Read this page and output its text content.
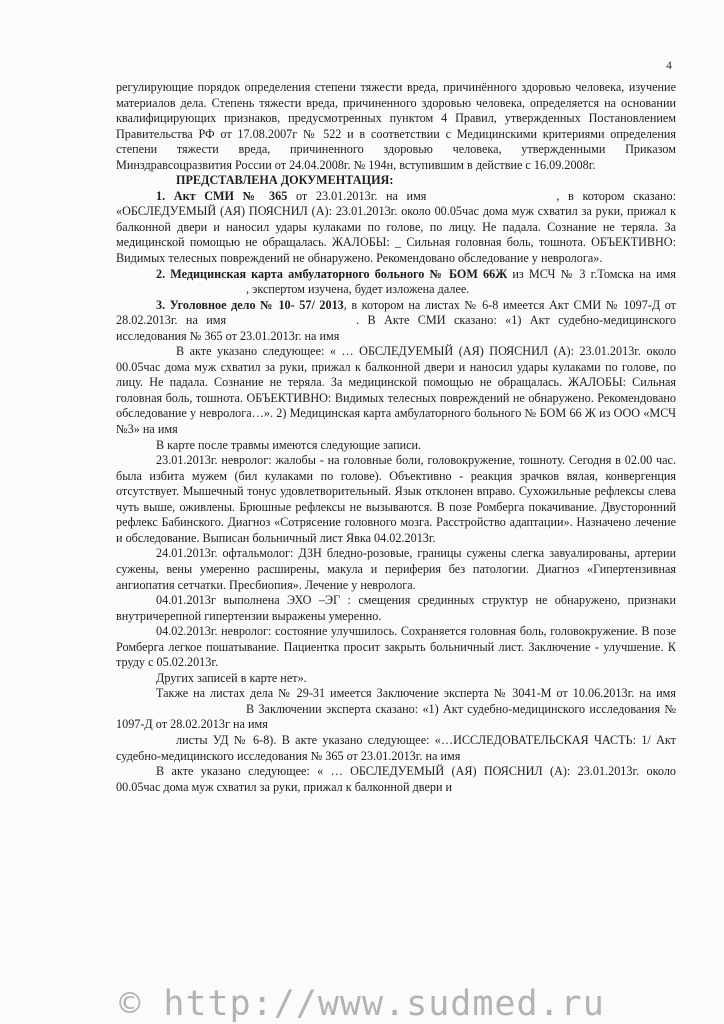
4

регулирующие порядок определения степени тяжести вреда, причинённого здоровью человека, изучение материалов дела. Степень тяжести вреда, причиненного здоровью человека, определяется на основании квалифицирующих признаков, предусмотренных пунктом 4 Правил, утвержденных Постановлением Правительства РФ от 17.08.2007г № 522 и в соответствии с Медицинскими критериями определения степени тяжести вреда, причиненного здоровью человека, утвержденными Приказом Минздравсоцразвития России от 24.04.2008г. № 194н, вступившим в действие с 16.09.2008г.

ПРЕДСТАВЛЕНА ДОКУМЕНТАЦИЯ:

1. Акт СМИ № 365 от 23.01.2013г. на имя	, в котором сказано: «ОБСЛЕДУЕМЫЙ (АЯ) ПОЯСНИЛ (А): 23.01.2013г. около 00.05час дома муж схватил за руки, прижал к балконной двери и наносил удары кулаками по голове, по лицу. Не падала. Сознание не теряла. За медицинской помощью не обращалась. ЖАЛОБЫ: _ Сильная головная боль, тошнота. ОБЪЕКТИВНО: Видимых телесных повреждений не обнаружено. Рекомендовано обследование у невролога».

2. Медицинская карта амбулаторного больного № БОМ 66Ж из МСЧ № 3 г.Томска на имя, экспертом изучена, будет изложена далее.

3. Уголовное дело № 10- 57/ 2013, в котором на листах № 6-8 имеется Акт СМИ № 1097-Д от 28.02.2013г. на имя	. В Акте СМИ сказано: «1) Акт судебно-медицинского исследования № 365 от 23.01.2013г. на имя

В акте указано следующее: « … ОБСЛЕДУЕМЫЙ (АЯ) ПОЯСНИЛ (А): 23.01.2013г. около 00.05час дома муж схватил за руки, прижал к балконной двери и наносил удары кулаками по голове, по лицу. Не падала. Сознание не теряла. За медицинской помощью не обращалась. ЖАЛОБЫ: Сильная головная боль, тошнота. ОБЪЕКТИВНО: Видимых телесных повреждений не обнаружено. Рекомендовано обследование у невролога…». 2) Медицинская карта амбулаторного больного № БОМ 66 Ж из ООО «МСЧ №3» на имя

В карте после травмы имеются следующие записи.

23.01.2013г. невролог: жалобы - на головные боли, головокружение, тошноту. Сегодня в 02.00 час. была избита мужем (бил кулаками по голове). Объективно - реакция зрачков вялая, конвергенция отсутствует. Мышечный тонус удовлетворительный. Язык отклонен вправо. Сухожильные рефлексы слева чуть выше, оживлены. Брюшные рефлексы не вызываются. В позе Ромберга покачивание. Двусторонний рефлекс Бабинского. Диагноз «Сотрясение головного мозга. Расстройство адаптации». Назначено лечение и обследование. Выписан больничный лист Явка 04.02.2013г.

24.01.2013г. офтальмолог: ДЗН бледно-розовые, границы сужены слегка завуалированы, артерии сужены, вены умеренно расширены, макула и периферия без патологии. Диагноз «Гипертензивная ангиопатия сетчатки. Пресбиопия». Лечение у невролога.

04.01.2013г выполнена ЭХО –ЭГ : смещения срединных структур не обнаружено, признаки внутричерепной гипертензии выражены умеренно.

04.02.2013г. невролог: состояние улучшилось. Сохраняется головная боль, головокружение. В позе Ромберга легкое пошатывание. Пациентка просит закрыть больничный лист. Заключение - улучшение. К труду с 05.02.2013г.

Других записей в карте нет».

Также на листах дела № 29-31 имеется Заключение эксперта № 3041-М от 10.06.2013г. на имяВ Заключении эксперта сказано: «1) Акт судебно-медицинского исследования № 1097-Д от 28.02.2013г на имя

листы УД № 6-8). В акте указано следующее: «…ИССЛЕДОВАТЕЛЬСКАЯ ЧАСТЬ: 1/ Акт судебно-медицинского исследования № 365 от 23.01.2013г. на имя

В акте указано следующее: « … ОБСЛЕДУЕМЫЙ (АЯ) ПОЯСНИЛ (А): 23.01.2013г. около 00.05час дома муж схватил за руки, прижал к балконной двери и

© http://www.sudmed.ru
